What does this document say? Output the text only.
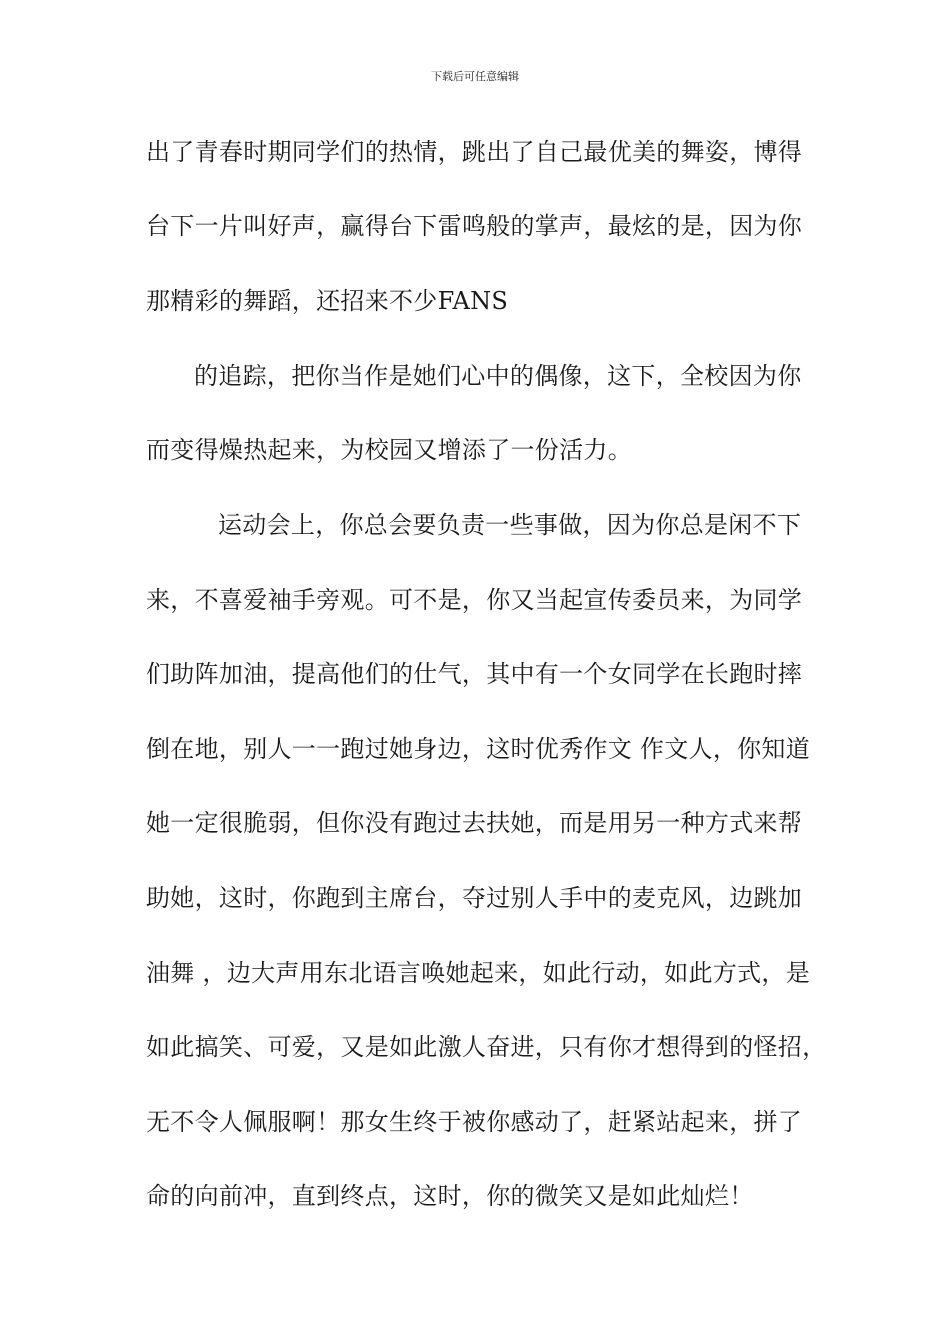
下载后可任意编辑
出了青春时期同学们的热情，跳出了自己最优美的舞姿，博得
台下一片叫好声，赢得台下雷鸣般的掌声，最炫的是，因为你
那精彩的舞蹈，还招来不少FANS
的追踪，把你当作是她们心中的偶像，这下，全校因为你
而变得燥热起来，为校园又增添了一份活力。
运动会上，你总会要负责一些事做，因为你总是闲不下
来，不喜爱袖手旁观。可不是，你又当起宣传委员来，为同学
们助阵加油，提高他们的仕气，其中有一个女同学在长跑时摔
倒在地，别人一一跑过她身边，这时优秀作文 作文人，你知道
她一定很脆弱，但你没有跑过去扶她，而是用另一种方式来帮
助她，这时，你跑到主席台，夺过别人手中的麦克风，边跳加
油舞 ，边大声用东北语言唤她起来，如此行动，如此方式，是
如此搞笑、可爱，又是如此激人奋进，只有你才想得到的怪招，
无不令人佩服啊！那女生终于被你感动了，赶紧站起来，拼了
命的向前冲，直到终点，这时，你的微笑又是如此灿烂！
